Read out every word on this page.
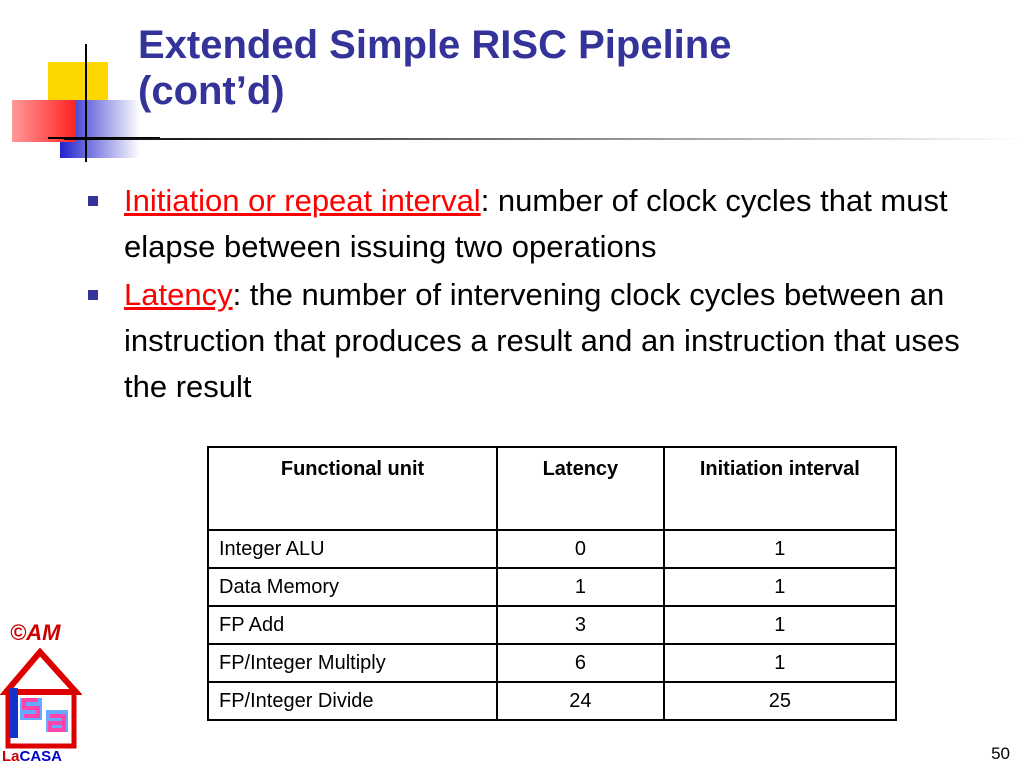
Extended Simple RISC Pipeline
(cont’d)
Initiation or repeat interval: number of clock cycles that must elapse between issuing two operations
Latency: the number of intervening clock cycles between an instruction that produces a result and an instruction that uses the result
Functional unit	Latency	Initiation interval
Integer ALU	0	1
Data Memory	1	1
FP Add	3	1
FP/Integer Multiply	6	1
FP/Integer Divide	24	25
©AM
LaCASA	50
